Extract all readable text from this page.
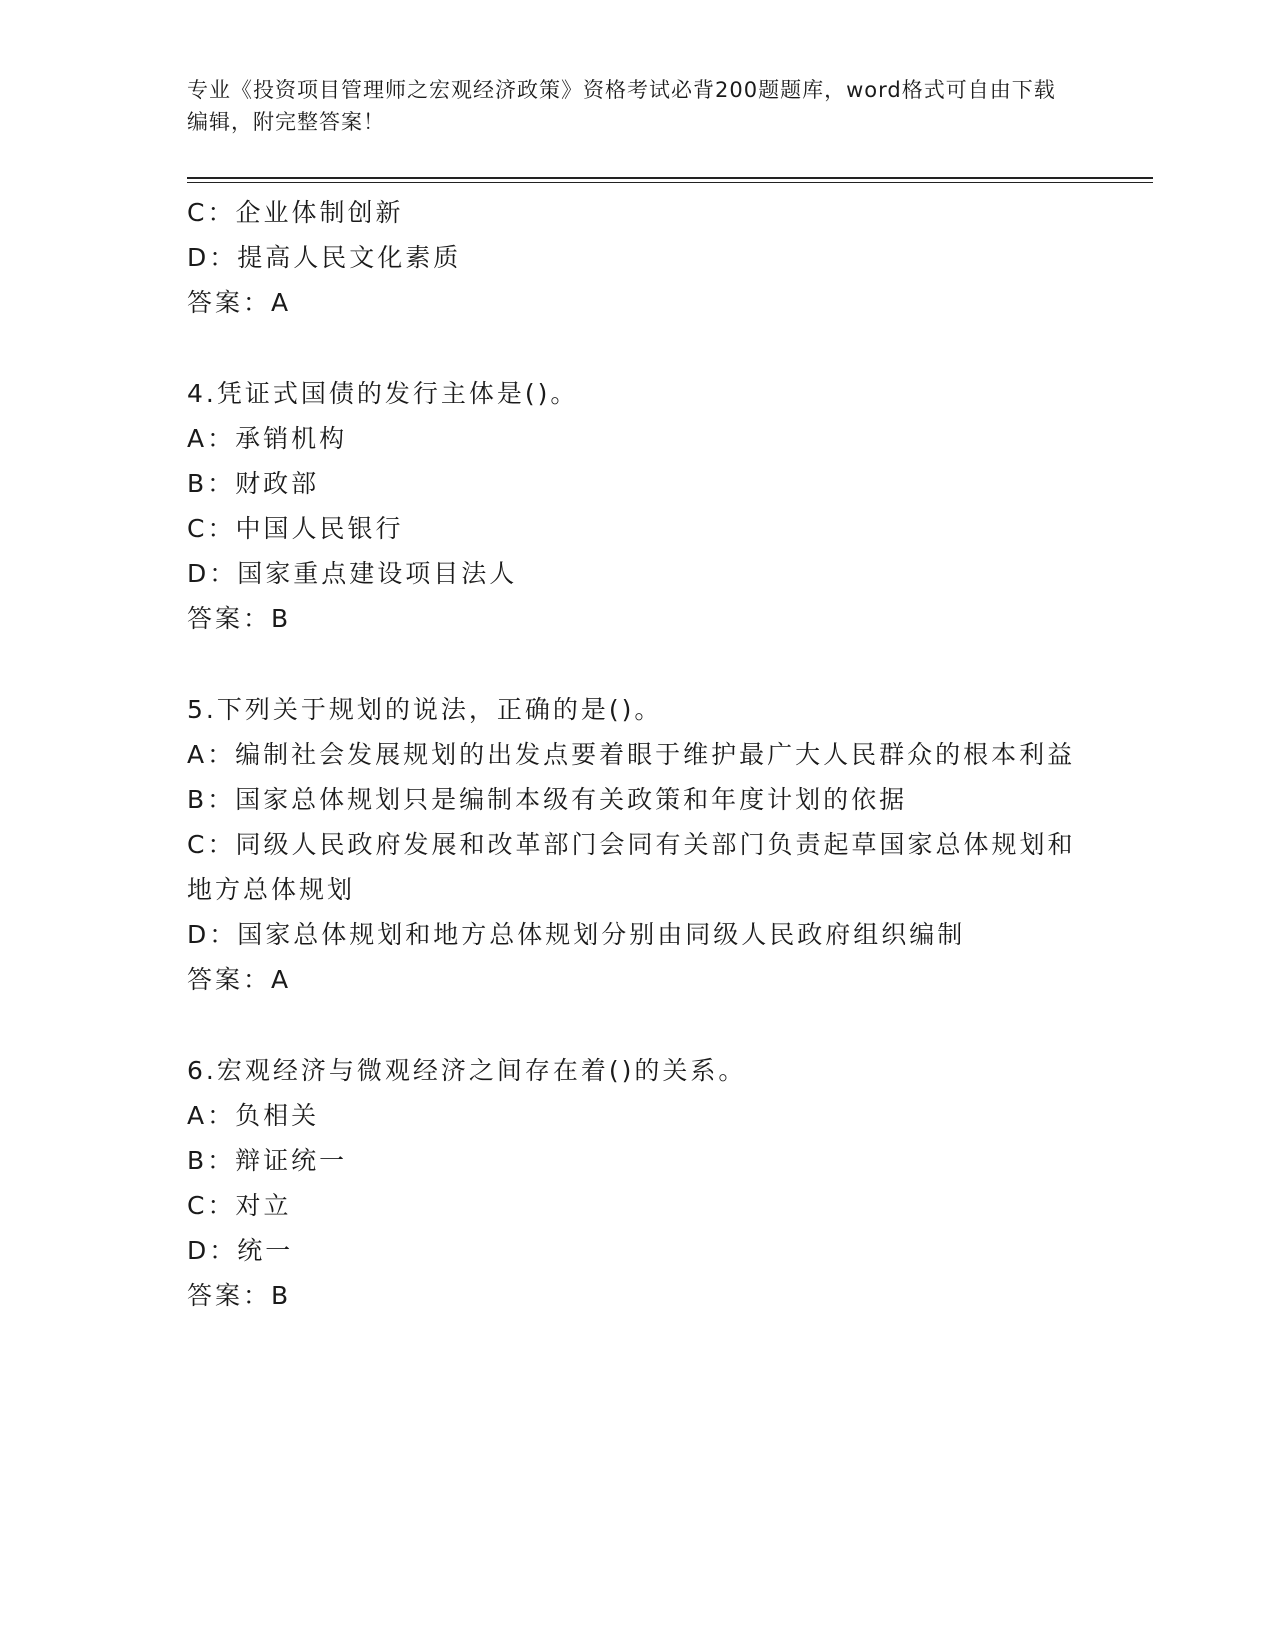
专业《投资项目管理师之宏观经济政策》资格考试必背200题题库，word格式可自由下载编辑，附完整答案！
C：企业体制创新
D：提高人民文化素质
答案：A
4.凭证式国债的发行主体是()。
A：承销机构
B：财政部
C：中国人民银行
D：国家重点建设项目法人
答案：B
5.下列关于规划的说法，正确的是()。
A：编制社会发展规划的出发点要着眼于维护最广大人民群众的根本利益
B：国家总体规划只是编制本级有关政策和年度计划的依据
C：同级人民政府发展和改革部门会同有关部门负责起草国家总体规划和地方总体规划
D：国家总体规划和地方总体规划分别由同级人民政府组织编制
答案：A
6.宏观经济与微观经济之间存在着()的关系。
A：负相关
B：辩证统一
C：对立
D：统一
答案：B
